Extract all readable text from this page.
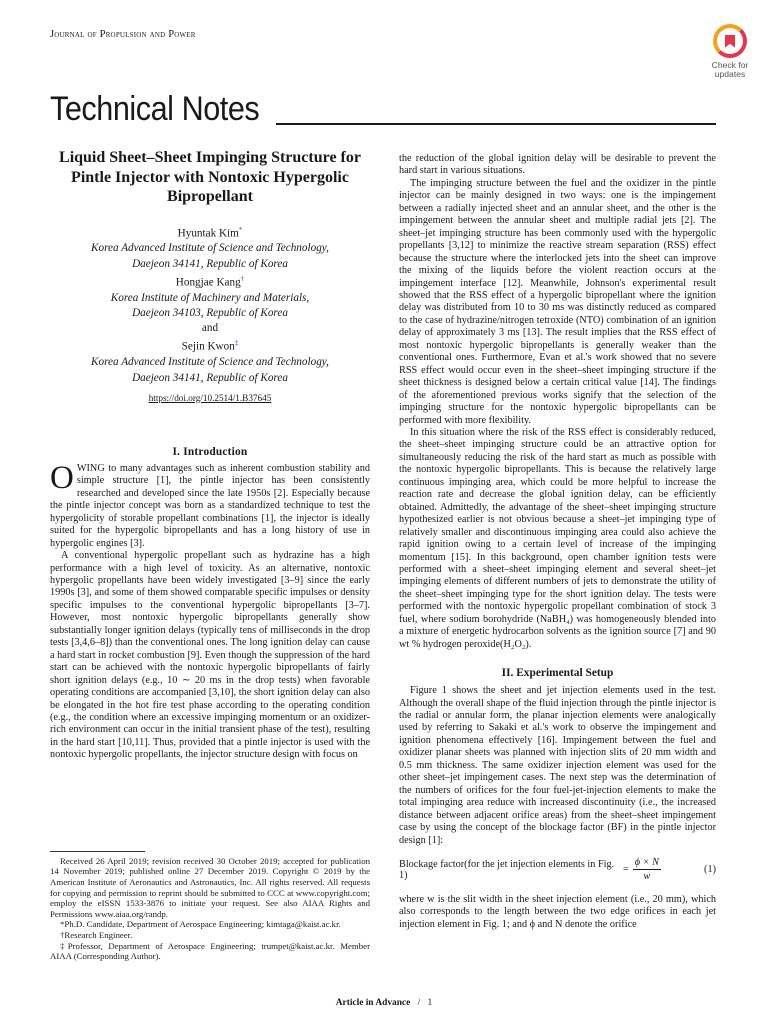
Journal of Propulsion and Power
Check for
updates
Technical Notes
Liquid Sheet–Sheet Impinging Structure for Pintle Injector with Nontoxic Hypergolic Bipropellant
Hyuntak Kim*
Korea Advanced Institute of Science and Technology,
Daejeon 34141, Republic of Korea
Hongjae Kang†
Korea Institute of Machinery and Materials,
Daejeon 34103, Republic of Korea
and
Sejin Kwon‡
Korea Advanced Institute of Science and Technology,
Daejeon 34141, Republic of Korea
https://doi.org/10.2514/1.B37645
I. Introduction

OWING to many advantages such as inherent combustion stability and simple structure [1], the pintle injector has been consistently researched and developed since the late 1950s [2]. Especially because the pintle injector concept was born as a standardized technique to test the hypergolicity of storable propellant combinations [1], the injector is ideally suited for the hypergolic bipropellants and has a long history of use in hypergolic engines [3].

A conventional hypergolic propellant such as hydrazine has a high performance with a high level of toxicity. As an alternative, nontoxic hypergolic propellants have been widely investigated [3–9] since the early 1990s [3], and some of them showed comparable specific impulses or density specific impulses to the conventional hypergolic bipropellants [3–7]. However, most nontoxic hypergolic bipropellants generally show substantially longer ignition delays (typically tens of milliseconds in the drop tests [3,4,6–8]) than the conventional ones. The long ignition delay can cause a hard start in rocket combustion [9]. Even though the suppression of the hard start can be achieved with the nontoxic hypergolic bipropellants of fairly short ignition delays (e.g., 10 ∼ 20 ms in the drop tests) when favorable operating conditions are accompanied [3,10], the short ignition delay can also be elongated in the hot fire test phase according to the operating condition (e.g., the condition where an excessive impinging momentum or an oxidizer-rich environment can occur in the initial transient phase of the test), resulting in the hard start [10,11]. Thus, provided that a pintle injector is used with the nontoxic hypergolic propellants, the injector structure design with focus on

Received 26 April 2019; revision received 30 October 2019; accepted for publication 14 November 2019; published online 27 December 2019. Copyright © 2019 by the American Institute of Aeronautics and Astronautics, Inc. All rights reserved. All requests for copying and permission to reprint should be submitted to CCC at www.copyright.com; employ the eISSN 1533-3876 to initiate your request. See also AIAA Rights and Permissions www.aiaa.org/randp.

*Ph.D. Candidate, Department of Aerospace Engineering; kimtaga@kaist.ac.kr.

†Research Engineer.

‡Professor, Department of Aerospace Engineering; trumpet@kaist.ac.kr. Member AIAA (Corresponding Author).

the reduction of the global ignition delay will be desirable to prevent the hard start in various situations.

The impinging structure between the fuel and the oxidizer in the pintle injector can be mainly designed in two ways: one is the impingement between a radially injected sheet and an annular sheet, and the other is the impingement between the annular sheet and multiple radial jets [2]. The sheet–jet impinging structure has been commonly used with the hypergolic propellants [3,12] to minimize the reactive stream separation (RSS) effect because the structure where the interlocked jets into the sheet can improve the mixing of the liquids before the violent reaction occurs at the impingement interface [12]. Meanwhile, Johnson's experimental result showed that the RSS effect of a hypergolic bipropellant where the ignition delay was distributed from 10 to 30 ms was distinctly reduced as compared to the case of hydrazine/nitrogen tetroxide (NTO) combination of an ignition delay of approximately 3 ms [13]. The result implies that the RSS effect of most nontoxic hypergolic bipropellants is generally weaker than the conventional ones. Furthermore, Evan et al.'s work showed that no severe RSS effect would occur even in the sheet–sheet impinging structure if the sheet thickness is designed below a certain critical value [14]. The findings of the aforementioned previous works signify that the selection of the impinging structure for the nontoxic hypergolic bipropellants can be performed with more flexibility.

In this situation where the risk of the RSS effect is considerably reduced, the sheet–sheet impinging structure could be an attractive option for simultaneously reducing the risk of the hard start as much as possible with the nontoxic hypergolic bipropellants. This is because the relatively large continuous impinging area, which could be more helpful to increase the reaction rate and decrease the global ignition delay, can be efficiently obtained. Admittedly, the advantage of the sheet–sheet impinging structure hypothesized earlier is not obvious because a sheet–jet impinging type of relatively smaller and discontinuous impinging area could also achieve the rapid ignition owing to a certain level of increase of the impinging momentum [15]. In this background, open chamber ignition tests were performed with a sheet–sheet impinging element and several sheet–jet impinging elements of different numbers of jets to demonstrate the utility of the sheet–sheet impinging type for the short ignition delay. The tests were performed with the nontoxic hypergolic propellant combination of stock 3 fuel, where sodium borohydride (NaBH₄) was homogeneously blended into a mixture of energetic hydrocarbon solvents as the ignition source [7] and 90 wt % hydrogen peroxide(H₂O₂).

II. Experimental Setup

Figure 1 shows the sheet and jet injection elements used in the test. Although the overall shape of the fluid injection through the pintle injector is the radial or annular form, the planar injection elements were analogically used by referring to Sakaki et al.'s work to observe the impingement and ignition phenomena effectively [16]. Impingement between the fuel and oxidizer planar sheets was planned with injection slits of 20 mm width and 0.5 mm thickness. The same oxidizer injection element was used for the other sheet–jet impingement cases. The next step was the determination of the numbers of orifices for the four fuel-jet-injection elements to make the total impinging area reduce with increased discontinuity (i.e., the increased distance between adjacent orifice areas) from the sheet–sheet impingement case by using the concept of the blockage factor (BF) in the pintle injector design [1]:

Blockage factor(for the jet injection elements in Fig. 1)	= $\frac{\phi \times N}{w}$	(1)

where w is the slit width in the sheet injection element (i.e., 20 mm), which also corresponds to the length between the two edge orifices in each jet injection element in Fig. 1; and ϕ and N denote the orifice

Article in Advance / 1
